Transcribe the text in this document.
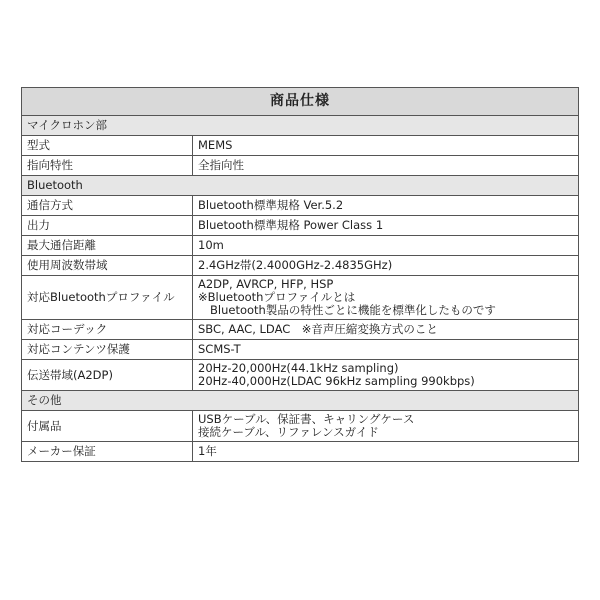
商品仕様	
マイクロホン部	
型式	MEMS
指向特性	全指向性
Bluetooth	
通信方式	Bluetooth標準規格 Ver.5.2
出力	Bluetooth標準規格 Power Class 1
最大通信距離	10m
使用周波数帯域	2.4GHz帯(2.4000GHz-2.4835GHz)
対応Bluetoothプロファイル	A2DP, AVRCP, HFP, HSP
※Bluetoothプロファイルとは
Bluetooth製品の特性ごとに機能を標準化したものです

対応コーデック	SBC, AAC, LDAC　※音声圧縮変換方式のこと
対応コンテンツ保護	SCMS-T
伝送帯域(A2DP)	20Hz-20,000Hz(44.1kHz sampling)
20Hz-40,000Hz(LDAC 96kHz sampling 990kbps)

その他	
付属品	USBケーブル、保証書、キャリングケース
接続ケーブル、リファレンスガイド

メーカー保証	1年
